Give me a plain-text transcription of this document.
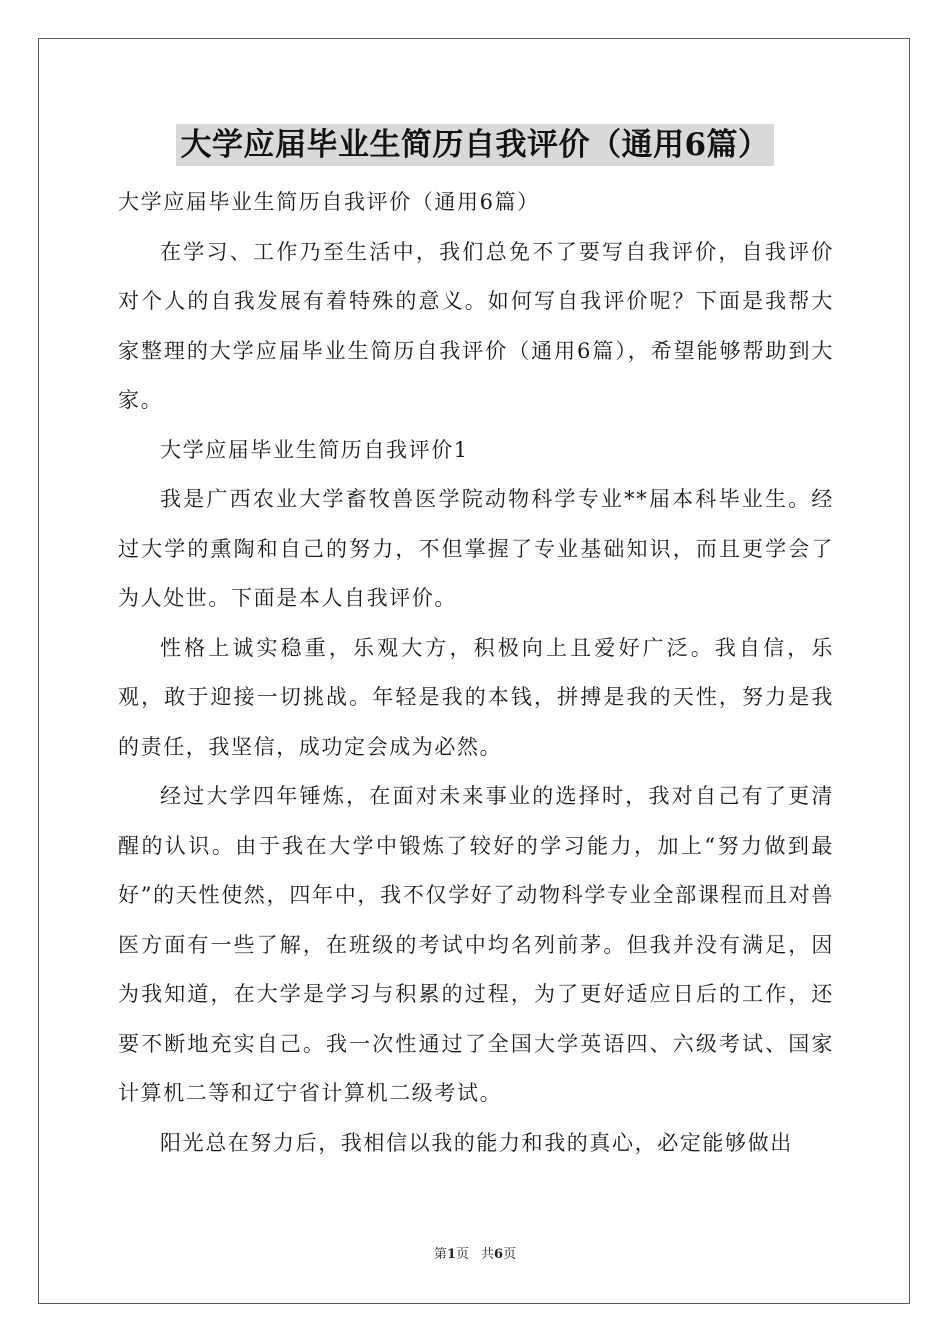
大学应届毕业生简历自我评价（通用6篇）

大学应届毕业生简历自我评价（通用6篇）

在学习、工作乃至生活中，我们总免不了要写自我评价，自我评价对个人的自我发展有着特殊的意义。如何写自我评价呢？下面是我帮大家整理的大学应届毕业生简历自我评价（通用6篇），希望能够帮助到大家。

大学应届毕业生简历自我评价1

我是广西农业大学畜牧兽医学院动物科学专业**届本科毕业生。经过大学的熏陶和自己的努力，不但掌握了专业基础知识，而且更学会了为人处世。下面是本人自我评价。

性格上诚实稳重，乐观大方，积极向上且爱好广泛。我自信，乐观，敢于迎接一切挑战。年轻是我的本钱，拼搏是我的天性，努力是我的责任，我坚信，成功定会成为必然。

经过大学四年锤炼，在面对未来事业的选择时，我对自己有了更清醒的认识。由于我在大学中锻炼了较好的学习能力，加上“努力做到最好”的天性使然，四年中，我不仅学好了动物科学专业全部课程而且对兽医方面有一些了解，在班级的考试中均名列前茅。但我并没有满足，因为我知道，在大学是学习与积累的过程，为了更好适应日后的工作，还要不断地充实自己。我一次性通过了全国大学英语四、六级考试、国家计算机二等和辽宁省计算机二级考试。

阳光总在努力后，我相信以我的能力和我的真心，必定能够做出

第1页 共6页
